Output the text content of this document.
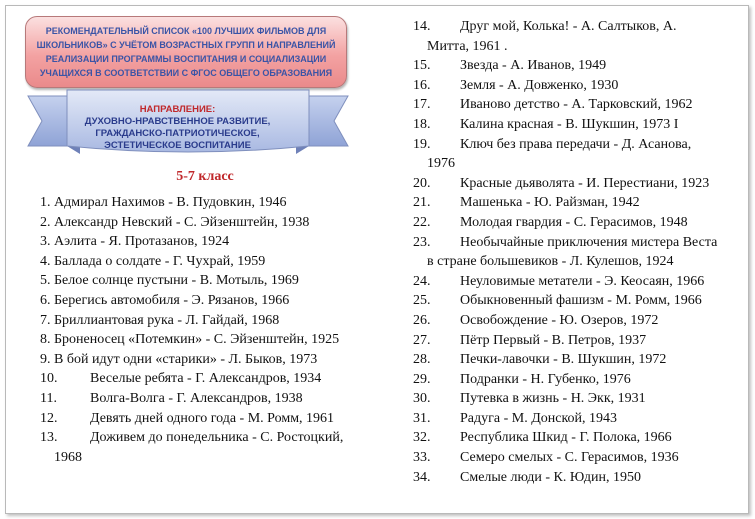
РЕКОМЕНДАТЕЛЬНЫЙ СПИСОК «100 ЛУЧШИХ ФИЛЬМОВ ДЛЯ ШКОЛЬНИКОВ» С УЧЁТОМ ВОЗРАСТНЫХ ГРУПП И НАПРАВЛЕНИЙ РЕАЛИЗАЦИИ ПРОГРАММЫ ВОСПИТАНИЯ И СОЦИАЛИЗАЦИИ УЧАЩИХСЯ В СООТВЕТСТВИИ С ФГОС ОБЩЕГО ОБРАЗОВАНИЯ
НАПРАВЛЕНИЕ:
ДУХОВНО-НРАВСТВЕННОЕ РАЗВИТИЕ,
ГРАЖДАНСКО-ПАТРИОТИЧЕСКОЕ,
ЭСТЕТИЧЕСКОЕ ВОСПИТАНИЕ
5-7 класс
1. Адмирал Нахимов - В. Пудовкин, 1946
2. Александр Невский - С. Эйзенштейн, 1938
3. Аэлита - Я. Протазанов, 1924
4. Баллада о солдате - Г. Чухрай, 1959
5. Белое солнце пустыни - В. Мотыль, 1969
6. Берегись автомобиля - Э. Рязанов, 1966
7. Бриллиантовая рука - Л. Гайдай, 1968
8. Броненосец «Потемкин» - С. Эйзенштейн, 1925
9. В бой идут одни «старики» - Л. Быков, 1973
10. Веселые ребята - Г. Александров, 1934
11. Волга-Волга - Г. Александров, 1938
12. Девять дней одного года - М. Ромм, 1961
13. Доживем до понедельника - С. Ростоцкий,
1968
14. Друг мой, Колька! - А. Салтыков, А.
Митта, 1961 .
15. Звезда - А. Иванов, 1949
16. Земля - А. Довженко, 1930
17. Иваново детство - А. Тарковский, 1962
18. Калина красная - В. Шукшин, 1973 I
19. Ключ без права передачи - Д. Асанова,
1976
20. Красные дьяволята - И. Перестиани, 1923
21. Машенька - Ю. Райзман, 1942
22. Молодая гвардия - С. Герасимов, 1948
23. Необычайные приключения мистера Веста
в стране большевиков - Л. Кулешов, 1924
24. Неуловимые метатели - Э. Кеосаян, 1966
25. Обыкновенный фашизм - М. Ромм, 1966
26. Освобождение - Ю. Озеров, 1972
27. Пётр Первый - В. Петров, 1937
28. Печки-лавочки - В. Шукшин, 1972
29. Подранки - Н. Губенко, 1976
30. Путевка в жизнь - Н. Экк, 1931
31. Радуга - М. Донской, 1943
32. Республика Шкид - Г. Полока, 1966
33. Семеро смелых - С. Герасимов, 1936
34. Смелые люди - К. Юдин, 1950
